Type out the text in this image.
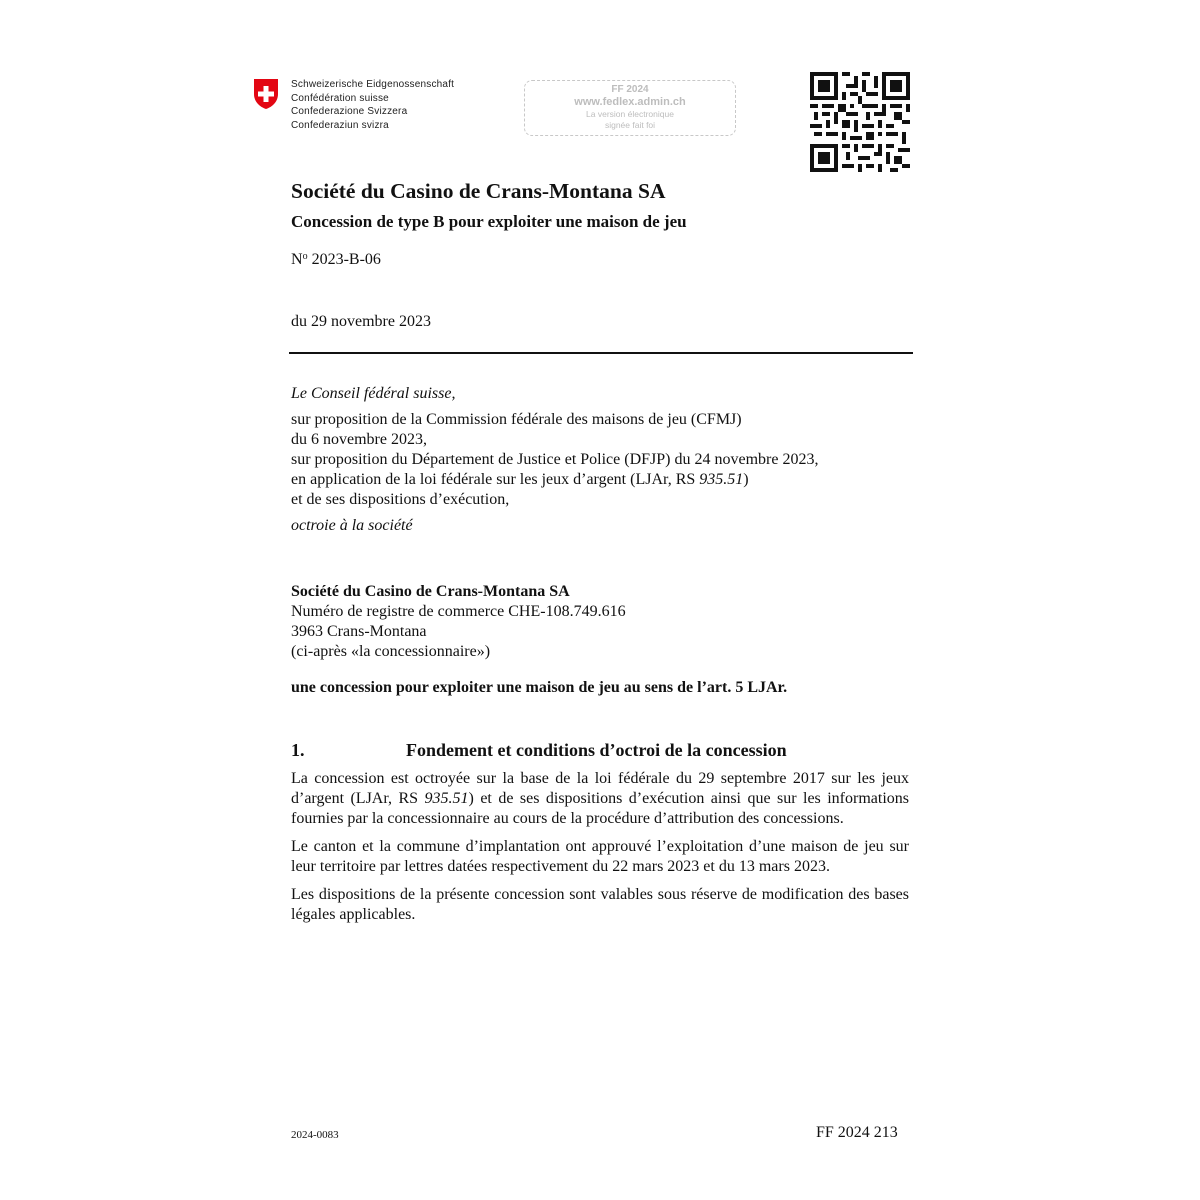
Schweizerische Eidgenossenschaft
Confédération suisse
Confederazione Svizzera
Confederaziun svizra
FF 2024
www.fedlex.admin.ch
La version électronique
signée fait foi
Société du Casino de Crans-Montana SA
Concession de type B pour exploiter une maison de jeu
$N^o$ 2023-B-06
du 29 novembre 2023
Le Conseil fédéral suisse,
sur proposition de la Commission fédérale des maisons de jeu (CFMJ)
du 6 novembre 2023,
sur proposition du Département de Justice et Police (DFJP) du 24 novembre 2023,
en application de la loi fédérale sur les jeux d’argent (LJAr, RS 935.51)
et de ses dispositions d’exécution,
octroie à la société
Société du Casino de Crans-Montana SA
Numéro de registre de commerce CHE-108.749.616
3963 Crans-Montana
(ci-après «la concessionnaire»)
une concession pour exploiter une maison de jeu au sens de l’art. 5 LJAr.
1.	Fondement et conditions d’octroi de la concession

La concession est octroyée sur la base de la loi fédérale du 29 septembre 2017 sur les jeux d’argent (LJAr, RS 935.51) et de ses dispositions d’exécution ainsi que sur les informations fournies par la concessionnaire au cours de la procédure d’attribution des concessions.

Le canton et la commune d’implantation ont approuvé l’exploitation d’une maison de jeu sur leur territoire par lettres datées respectivement du 22 mars 2023 et du 13 mars 2023.

Les dispositions de la présente concession sont valables sous réserve de modification des bases légales applicables.

2024-0083	FF 2024 213
